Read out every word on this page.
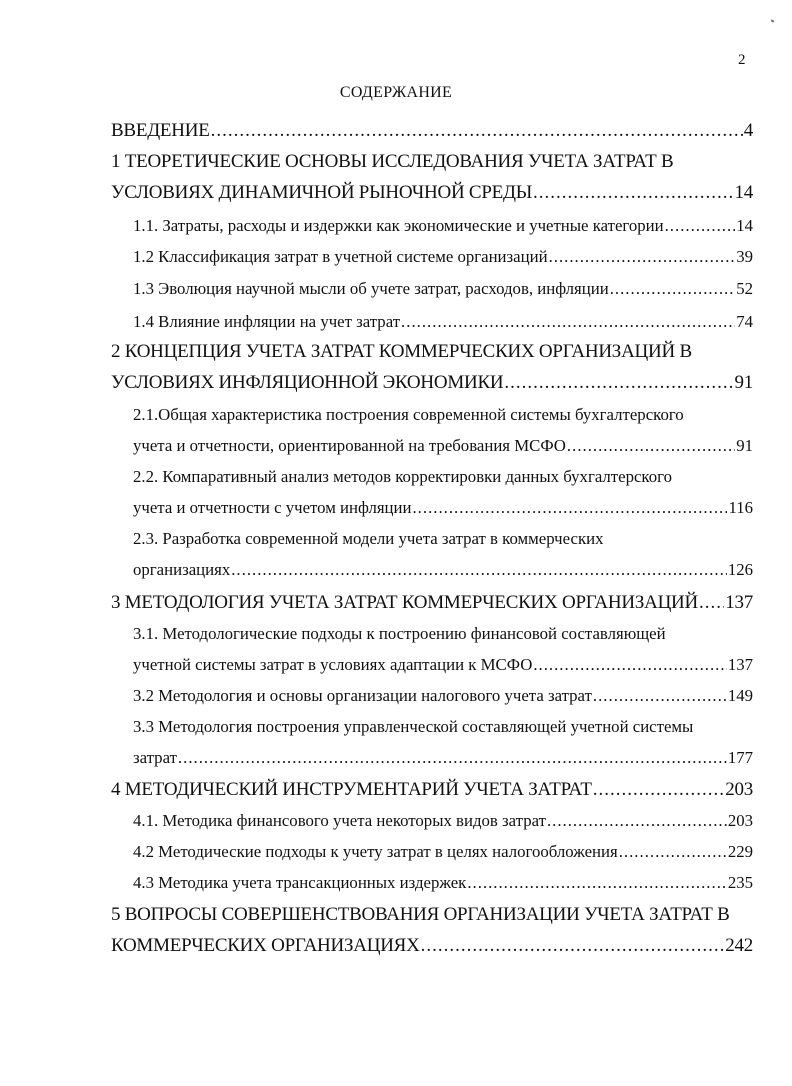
2
СОДЕРЖАНИЕ
ВВЕДЕНИЕ .....	4
1 ТЕОРЕТИЧЕСКИЕ ОСНОВЫ ИССЛЕДОВАНИЯ УЧЕТА ЗАТРАТ В
УСЛОВИЯХ ДИНАМИЧНОЙ РЫНОЧНОЙ СРЕДЫ .....	14
1.1. Затраты, расходы и издержки как экономические и учетные категории .....	14
1.2 Классификация затрат в учетной системе организаций .....	39
1.3 Эволюция научной мысли об учете затрат, расходов, инфляции .....	52
1.4 Влияние инфляции на учет затрат .....	74
2 КОНЦЕПЦИЯ УЧЕТА ЗАТРАТ КОММЕРЧЕСКИХ ОРГАНИЗАЦИЙ В
УСЛОВИЯХ ИНФЛЯЦИОННОЙ ЭКОНОМИКИ .....	91
2.1.Общая характеристика построения современной системы бухгалтерского
учета и отчетности, ориентированной на требования МСФО .....	91
2.2. Компаративный анализ методов корректировки данных бухгалтерского
учета и отчетности с учетом инфляции .....	116
2.3. Разработка современной модели учета затрат в коммерческих
организациях .....	126
3 МЕТОДОЛОГИЯ УЧЕТА ЗАТРАТ КОММЕРЧЕСКИХ ОРГАНИЗАЦИЙ ..... 137
3.1. Методологические подходы к построению финансовой составляющей
учетной системы затрат в условиях адаптации к МСФО .....	137
3.2 Методология и основы организации налогового учета затрат .....	149
3.3 Методология построения управленческой составляющей учетной системы
затрат .....	177
4 МЕТОДИЧЕСКИЙ ИНСТРУМЕНТАРИЙ УЧЕТА ЗАТРАТ .....	203
4.1. Методика финансового учета некоторых видов затрат .....	203
4.2 Методические подходы к учету затрат в целях налогообложения .....	229
4.3 Методика учета трансакционных издержек .....	235
5 ВОПРОСЫ СОВЕРШЕНСТВОВАНИЯ ОРГАНИЗАЦИИ УЧЕТА ЗАТРАТ В
КОММЕРЧЕСКИХ ОРГАНИЗАЦИЯХ .....	242
